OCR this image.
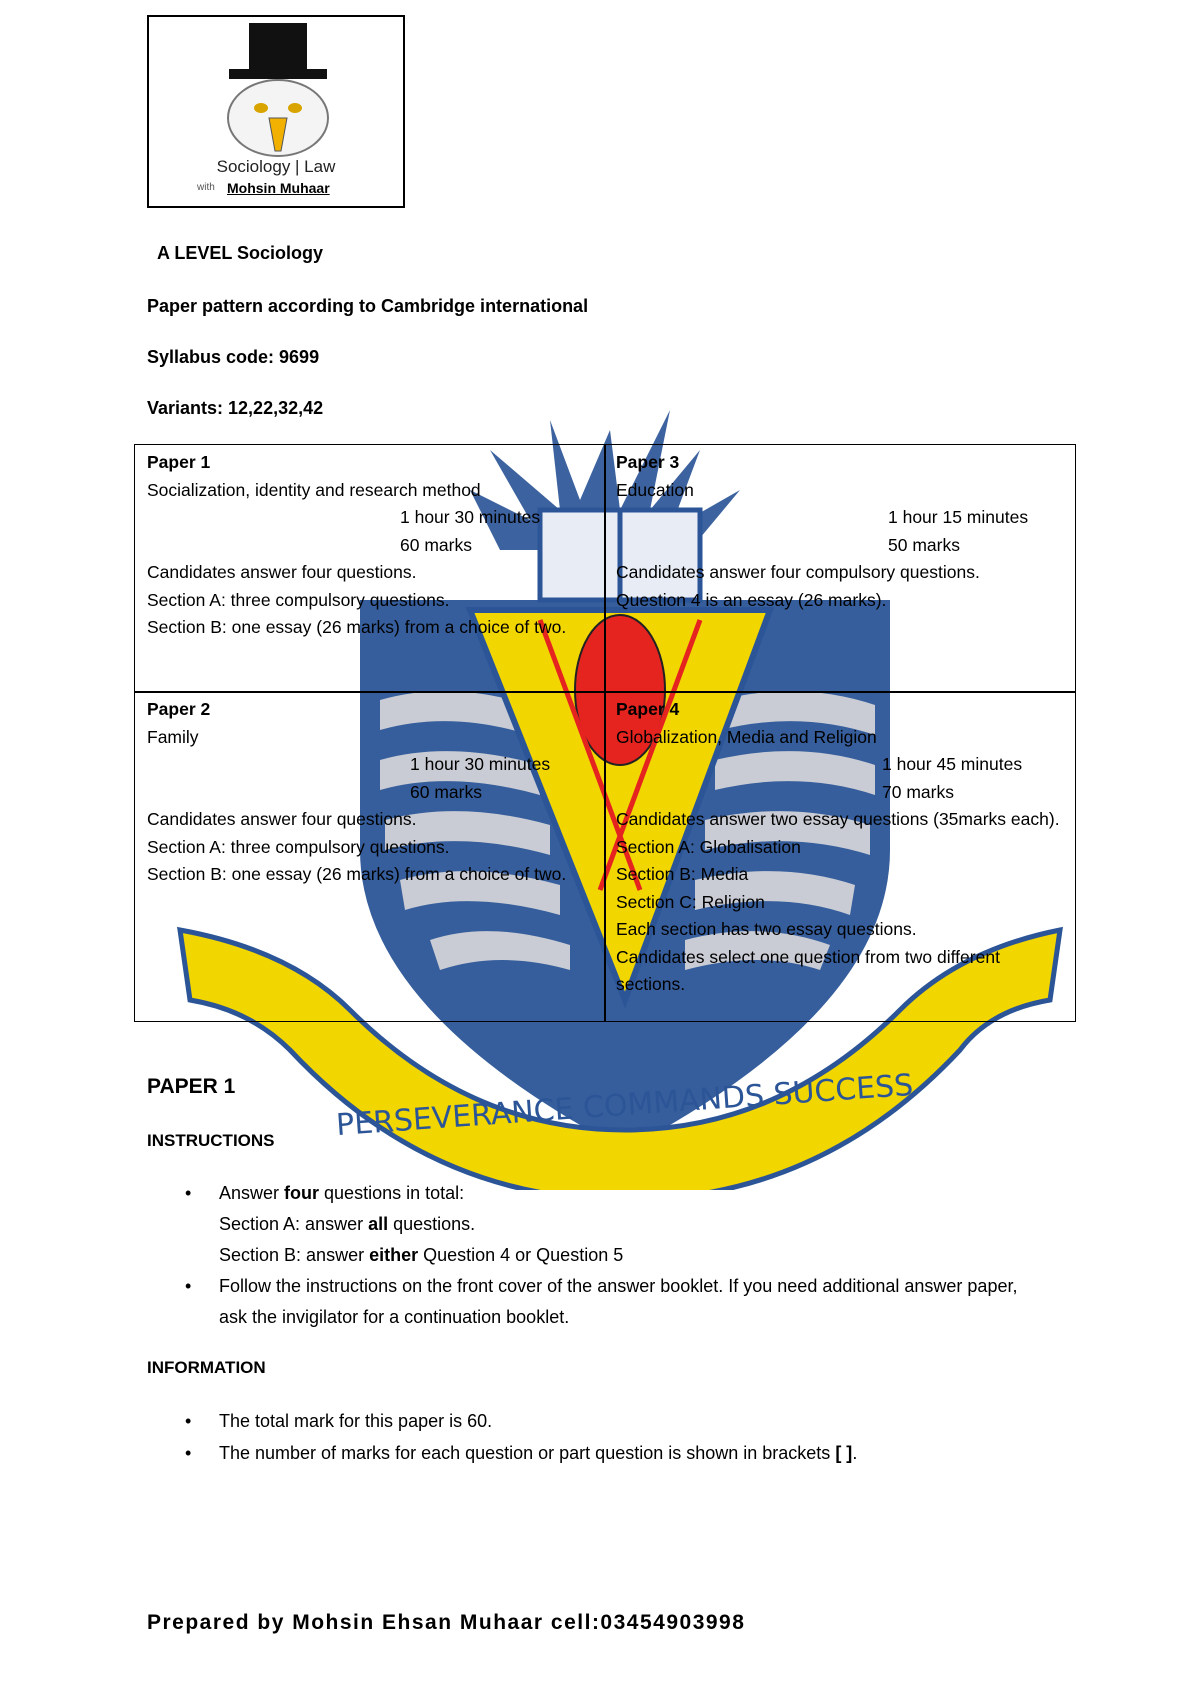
PERSEVERANCE COMMANDS SUCCESS
Sociology | Law
with Mohsin Muhaar
A LEVEL Sociology
Paper pattern according to Cambridge international
Syllabus code: 9699
Variants: 12,22,32,42
Paper 1
Socialization, identity and research method
1 hour 30 minutes
60 marks
Candidates answer four questions.
Section A: three compulsory questions.
Section B: one essay (26 marks) from a choice of two.
Paper 3
Education
1 hour 15 minutes
50 marks
Candidates answer four compulsory questions.
Question 4 is an essay (26 marks).
Paper 2
Family
1 hour 30 minutes
60 marks
Candidates answer four questions.
Section A: three compulsory questions.
Section B: one essay (26 marks) from a choice of two.
Paper 4
Globalization, Media and Religion
1 hour 45 minutes
70 marks
Candidates answer two essay questions (35marks each).
Section A: Globalisation
Section B: Media
Section C: Religion
Each section has two essay questions.
Candidates select one question from two different sections.
PAPER 1
INSTRUCTIONS
• Answer four questions in total:
Section A: answer all questions.
Section B: answer either Question 4 or Question 5
• Follow the instructions on the front cover of the answer booklet. If you need additional answer paper, ask the invigilator for a continuation booklet.
INFORMATION
• The total mark for this paper is 60.
• The number of marks for each question or part question is shown in brackets [ ].
Prepared by Mohsin Ehsan Muhaar cell:03454903998
